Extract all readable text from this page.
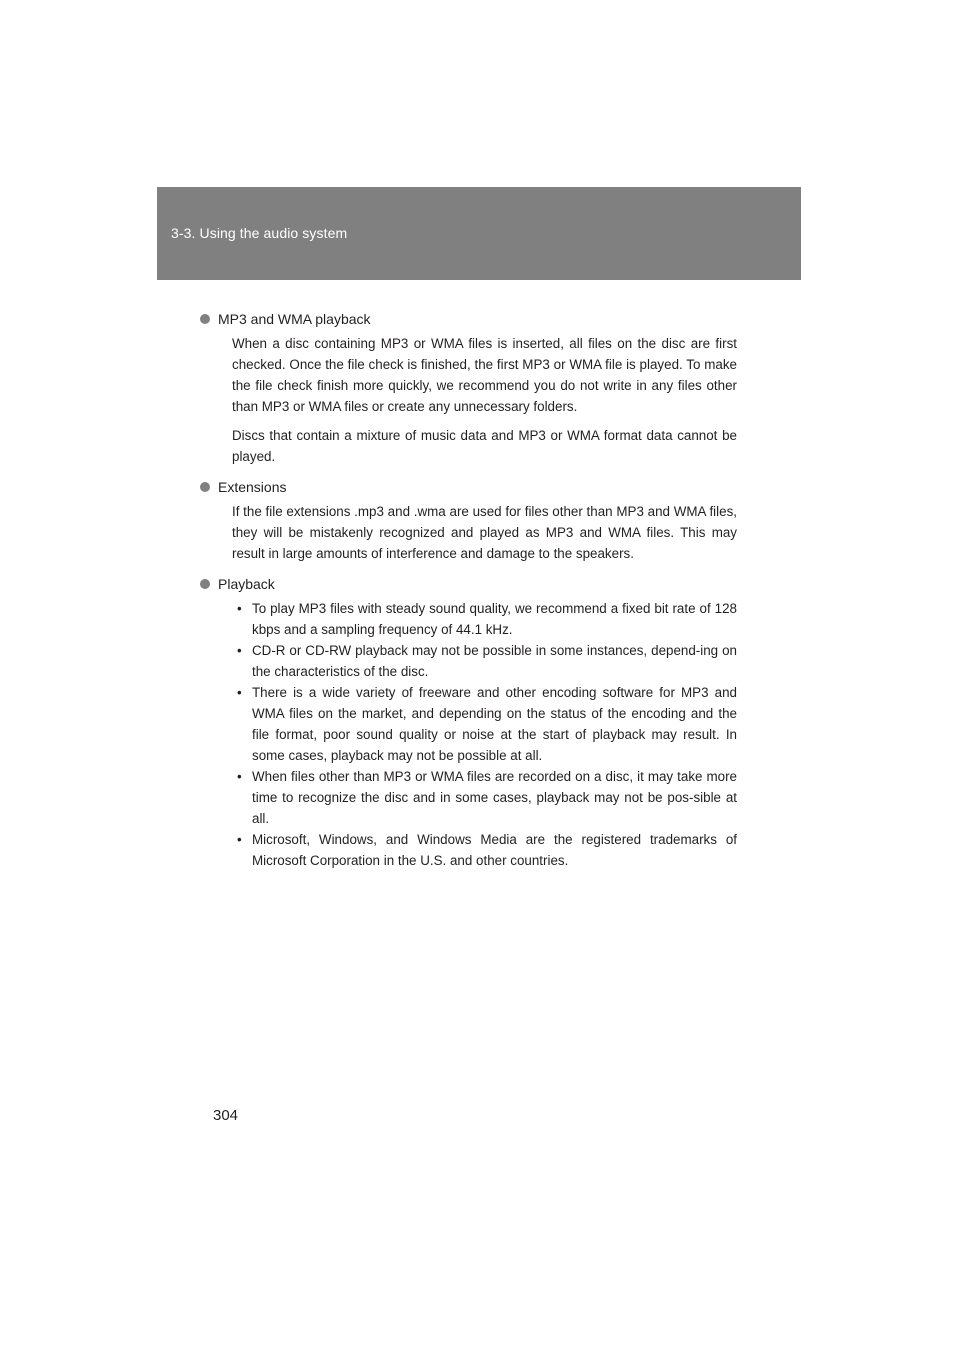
3-3. Using the audio system
MP3 and WMA playback

When a disc containing MP3 or WMA files is inserted, all files on the disc are first checked. Once the file check is finished, the first MP3 or WMA file is played. To make the file check finish more quickly, we recommend you do not write in any files other than MP3 or WMA files or create any unnecessary folders.

Discs that contain a mixture of music data and MP3 or WMA format data cannot be played.

Extensions

If the file extensions .mp3 and .wma are used for files other than MP3 and WMA files, they will be mistakenly recognized and played as MP3 and WMA files. This may result in large amounts of interference and damage to the speakers.

Playback
• To play MP3 files with steady sound quality, we recommend a fixed bit rate of 128 kbps and a sampling frequency of 44.1 kHz.
• CD-R or CD-RW playback may not be possible in some instances, depend-ing on the characteristics of the disc.
• There is a wide variety of freeware and other encoding software for MP3 and WMA files on the market, and depending on the status of the encoding and the file format, poor sound quality or noise at the start of playback may result. In some cases, playback may not be possible at all.
• When files other than MP3 or WMA files are recorded on a disc, it may take more time to recognize the disc and in some cases, playback may not be pos-sible at all.
• Microsoft, Windows, and Windows Media are the registered trademarks of Microsoft Corporation in the U.S. and other countries.
304
